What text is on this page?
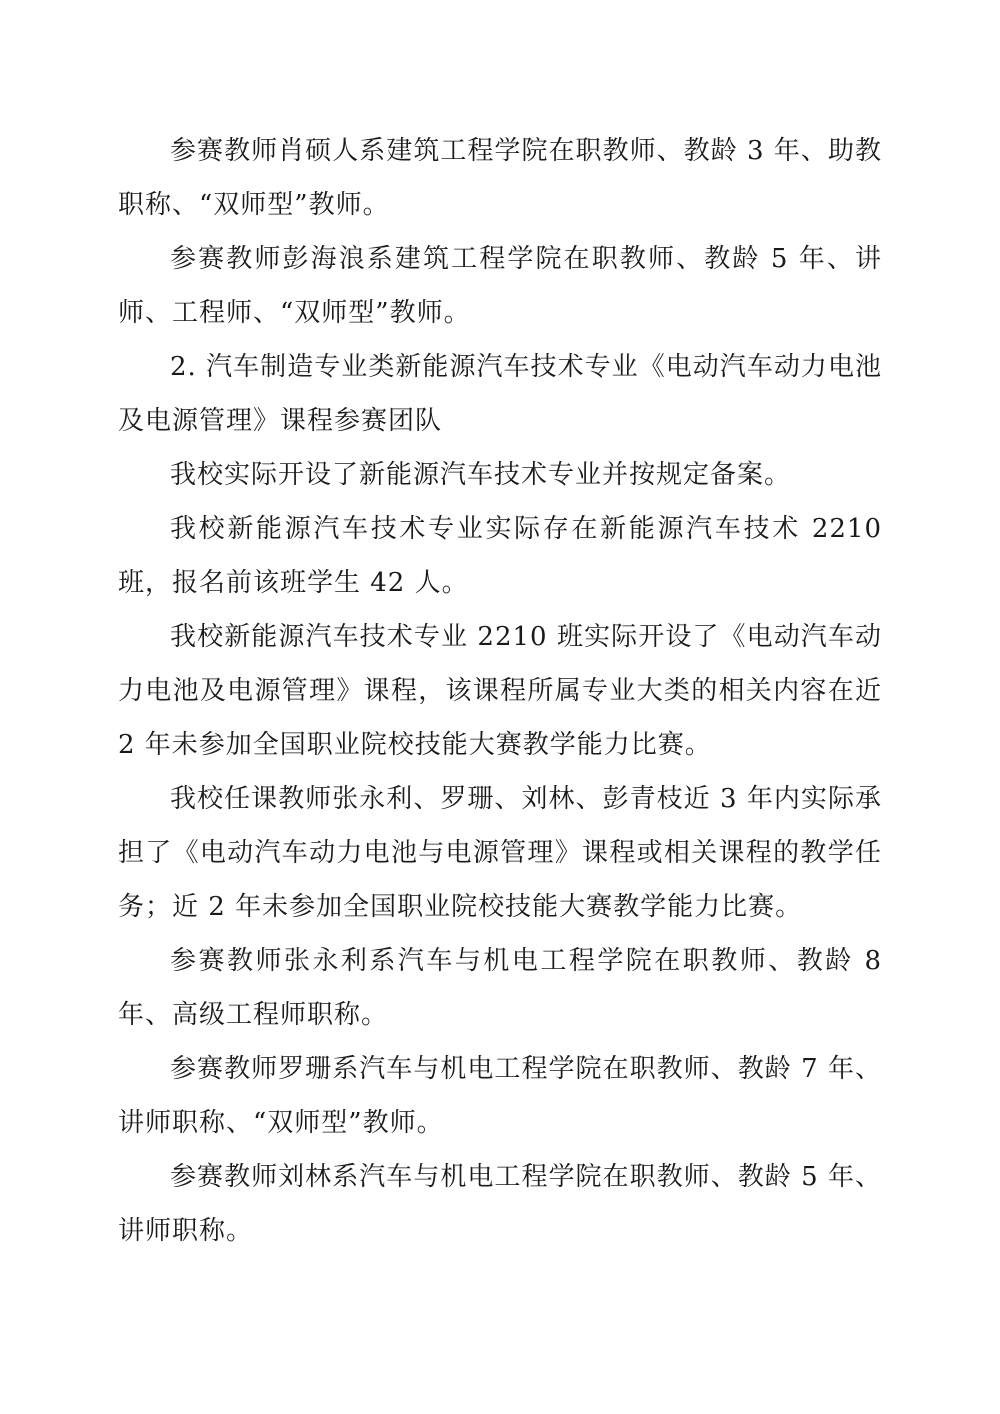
参赛教师肖硕人系建筑工程学院在职教师、教龄 3 年、助教职称、“双师型”教师。

参赛教师彭海浪系建筑工程学院在职教师、教龄 5 年、讲师、工程师、“双师型”教师。

2. 汽车制造专业类新能源汽车技术专业《电动汽车动力电池及电源管理》课程参赛团队

我校实际开设了新能源汽车技术专业并按规定备案。

我校新能源汽车技术专业实际存在新能源汽车技术 2210 班，报名前该班学生 42 人。

我校新能源汽车技术专业 2210 班实际开设了《电动汽车动力电池及电源管理》课程，该课程所属专业大类的相关内容在近 2 年未参加全国职业院校技能大赛教学能力比赛。

我校任课教师张永利、罗珊、刘林、彭青枝近 3 年内实际承担了《电动汽车动力电池与电源管理》课程或相关课程的教学任务；近 2 年未参加全国职业院校技能大赛教学能力比赛。

参赛教师张永利系汽车与机电工程学院在职教师、教龄 8 年、高级工程师职称。

参赛教师罗珊系汽车与机电工程学院在职教师、教龄 7 年、讲师职称、“双师型”教师。

参赛教师刘林系汽车与机电工程学院在职教师、教龄 5 年、讲师职称。
